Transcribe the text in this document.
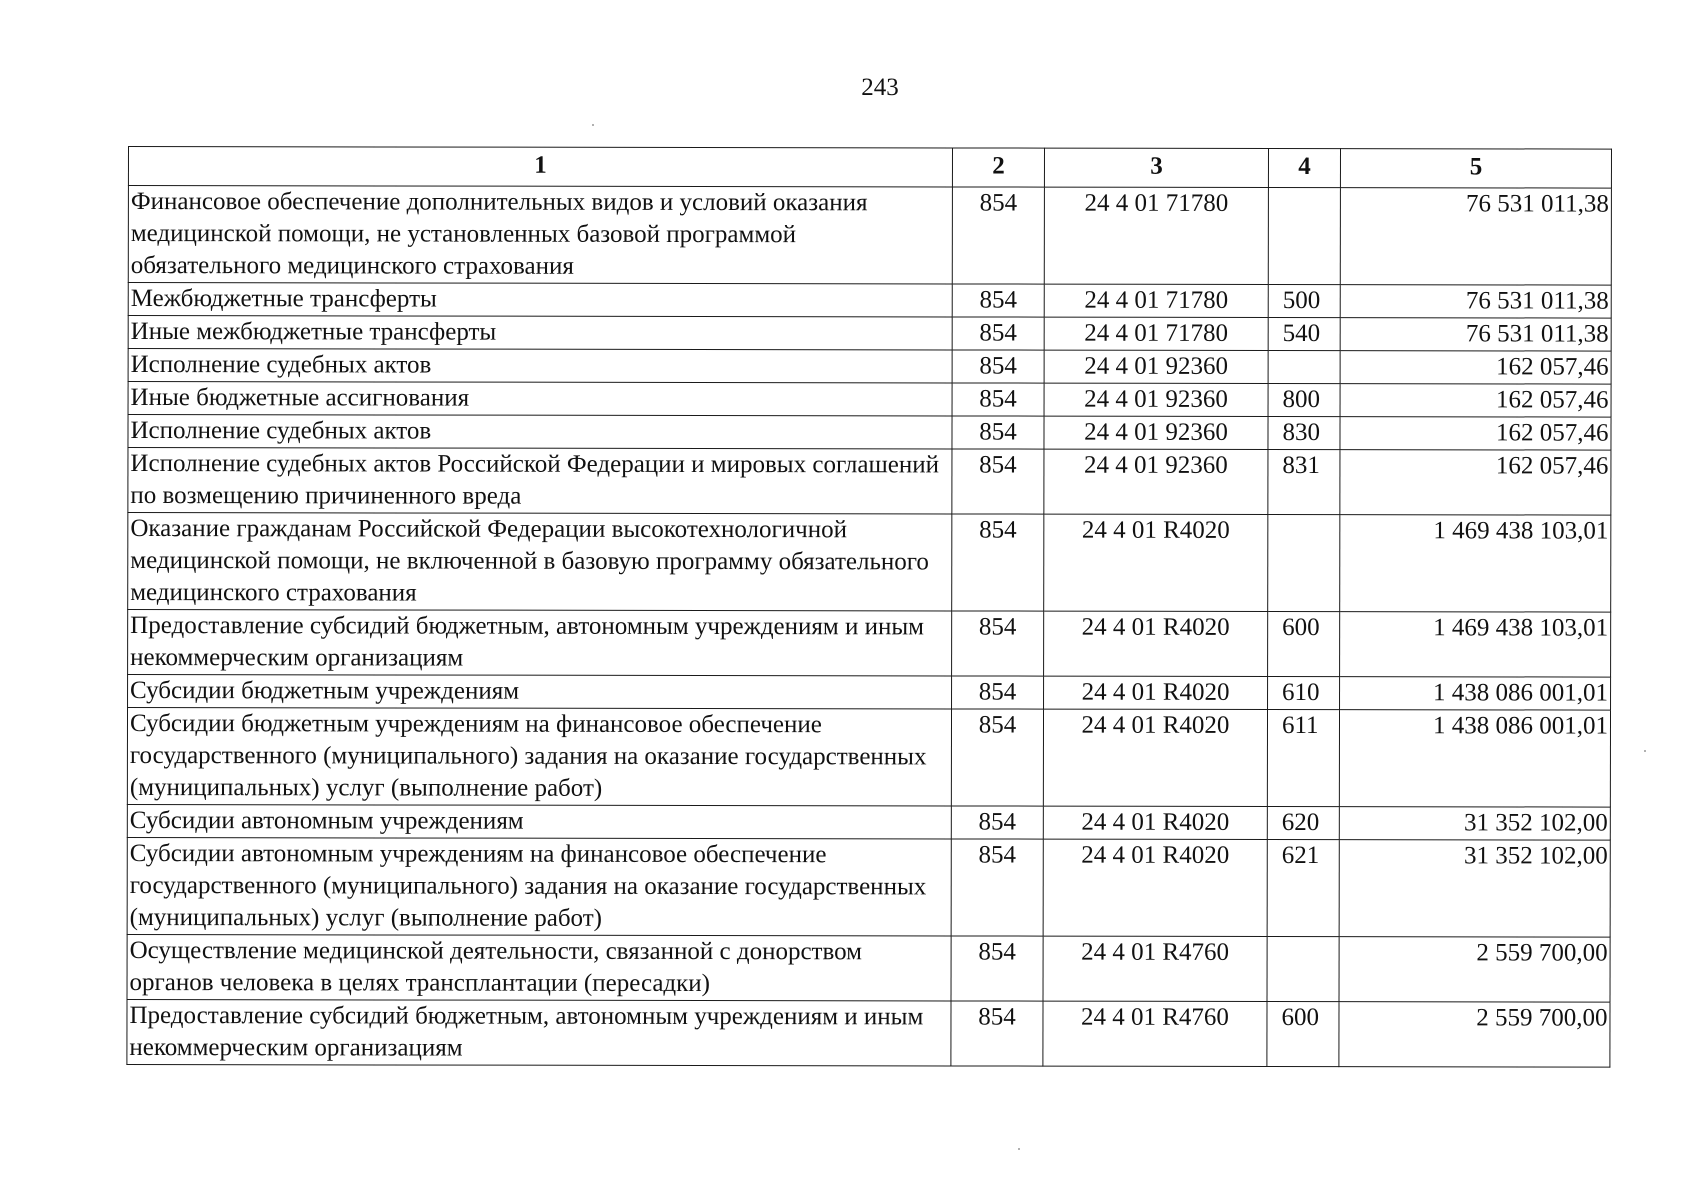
243
1	2	3	4	5
Финансовое обеспечение дополнительных видов и условий оказания медицинской помощи, не установленных базовой программой обязательного медицинского страхования	854	24 4 01 71780		76 531 011,38
Межбюджетные трансферты	854	24 4 01 71780	500	76 531 011,38
Иные межбюджетные трансферты	854	24 4 01 71780	540	76 531 011,38
Исполнение судебных актов	854	24 4 01 92360		162 057,46
Иные бюджетные ассигнования	854	24 4 01 92360	800	162 057,46
Исполнение судебных актов	854	24 4 01 92360	830	162 057,46
Исполнение судебных актов Российской Федерации и мировых соглашений по возмещению причиненного вреда	854	24 4 01 92360	831	162 057,46
Оказание гражданам Российской Федерации высокотехнологичной медицинской помощи, не включенной в базовую программу обязательного медицинского страхования	854	24 4 01 R4020		1 469 438 103,01
Предоставление субсидий бюджетным, автономным учреждениям и иным некоммерческим организациям	854	24 4 01 R4020	600	1 469 438 103,01
Субсидии бюджетным учреждениям	854	24 4 01 R4020	610	1 438 086 001,01
Субсидии бюджетным учреждениям на финансовое обеспечение государственного (муниципального) задания на оказание государственных (муниципальных) услуг (выполнение работ)	854	24 4 01 R4020	611	1 438 086 001,01
Субсидии автономным учреждениям	854	24 4 01 R4020	620	31 352 102,00
Субсидии автономным учреждениям на финансовое обеспечение государственного (муниципального) задания на оказание государственных (муниципальных) услуг (выполнение работ)	854	24 4 01 R4020	621	31 352 102,00
Осуществление медицинской деятельности, связанной с донорством органов человека в целях трансплантации (пересадки)	854	24 4 01 R4760		2 559 700,00
Предоставление субсидий бюджетным, автономным учреждениям и иным некоммерческим организациям	854	24 4 01 R4760	600	2 559 700,00
